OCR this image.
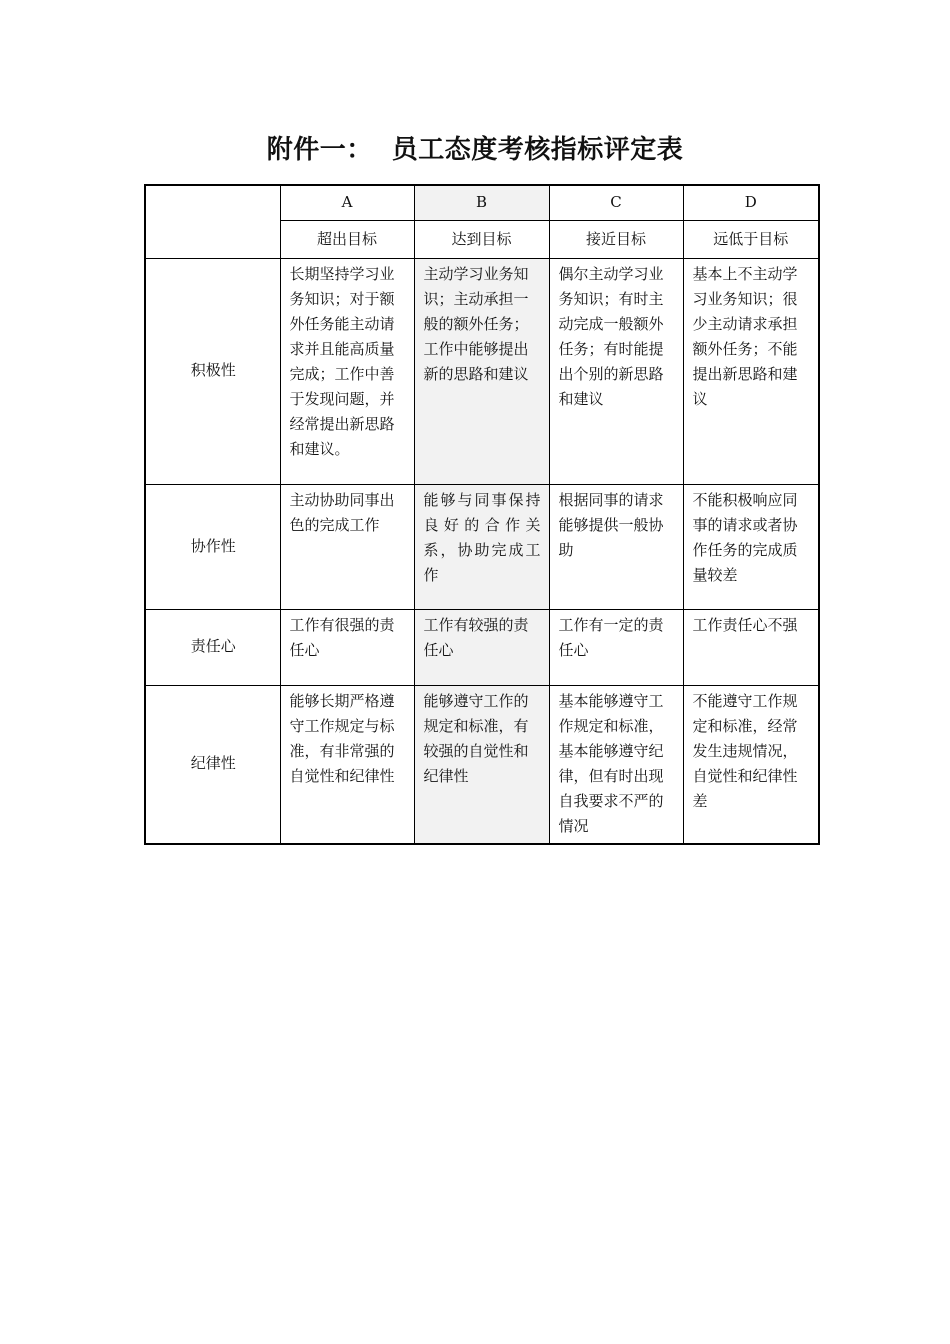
附件一：  员工态度考核指标评定表
	A	B	C	D
	超出目标	达到目标	接近目标	远低于目标
积极性	长期坚持学习业务知识；对于额外任务能主动请求并且能高质量完成；工作中善于发现问题，并经常提出新思路和建议。	主动学习业务知识；主动承担一般的额外任务；工作中能够提出新的思路和建议	偶尔主动学习业务知识；有时主动完成一般额外任务；有时能提出个别的新思路和建议	基本上不主动学习业务知识；很少主动请求承担额外任务；不能提出新思路和建议
协作性	主动协助同事出色的完成工作	能够与同事保持良好的合作关系，协助完成工作	根据同事的请求能够提供一般协助	不能积极响应同事的请求或者协作任务的完成质量较差
责任心	工作有很强的责任心	工作有较强的责任心	工作有一定的责任心	工作责任心不强
纪律性	能够长期严格遵守工作规定与标准，有非常强的自觉性和纪律性	能够遵守工作的规定和标准，有较强的自觉性和纪律性	基本能够遵守工作规定和标准，基本能够遵守纪律，但有时出现自我要求不严的情况	不能遵守工作规定和标准，经常发生违规情况，自觉性和纪律性差
